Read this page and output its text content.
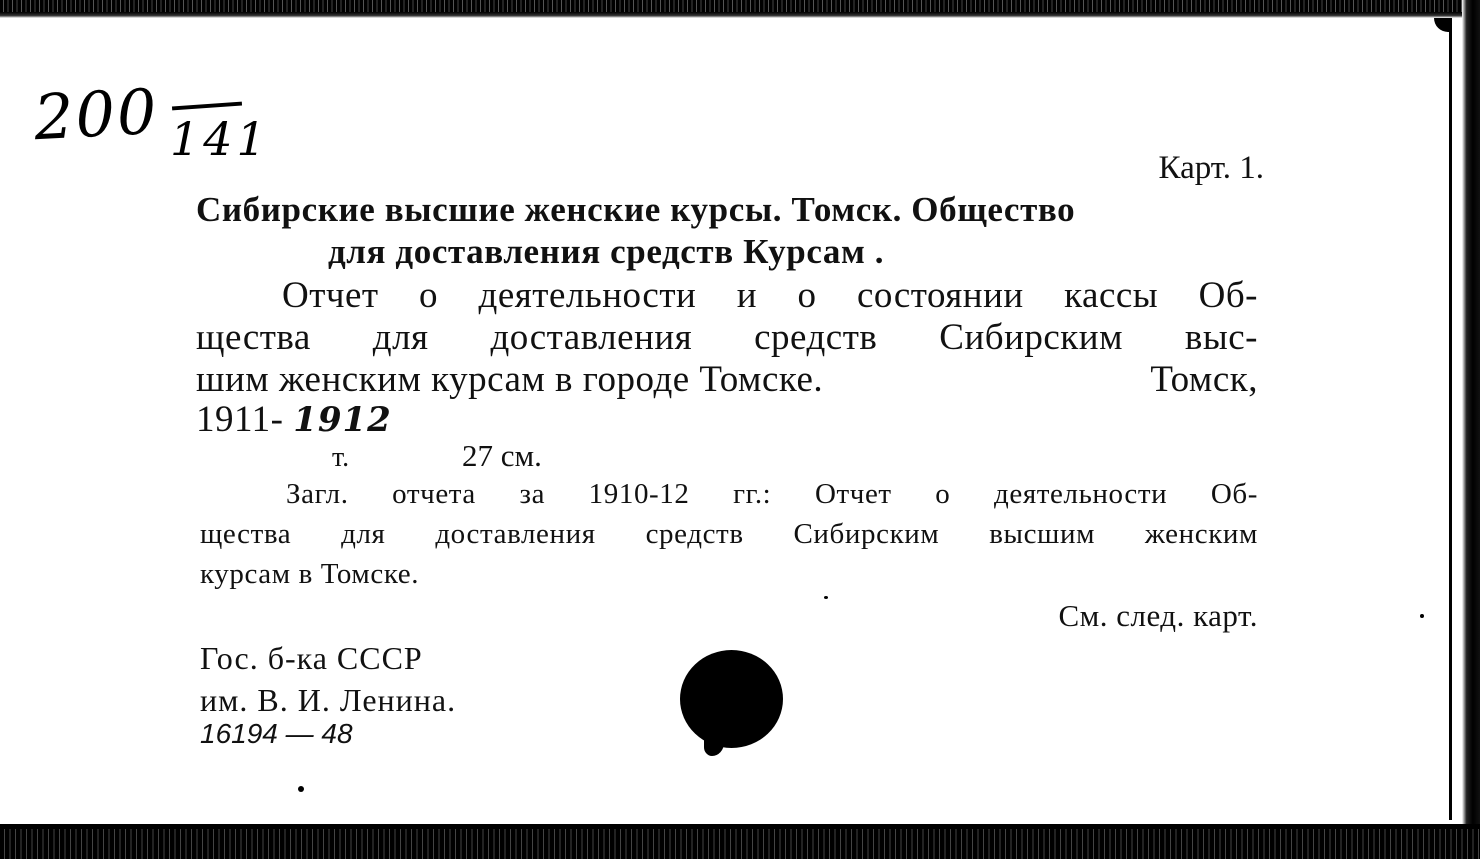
200 141
Карт. 1.
Сибирские высшие женские курсы. Томск. Общество
для доставления средств Курсам .
Отчет о деятельности и о состоянии кассы Об-
щества для доставления средств Сибирским выс-
шим женским курсам в городе Томске.	Томск,
1911- 1912
т.	27 см.
Загл. отчета за 1910-12 гг.: Отчет о деятельности Об-
щества для доставления средств Сибирским высшим женским
курсам в Томске.
См. след. карт.
Гос. б-ка СССР
им. В. И. Ленина.
16194 — 48
